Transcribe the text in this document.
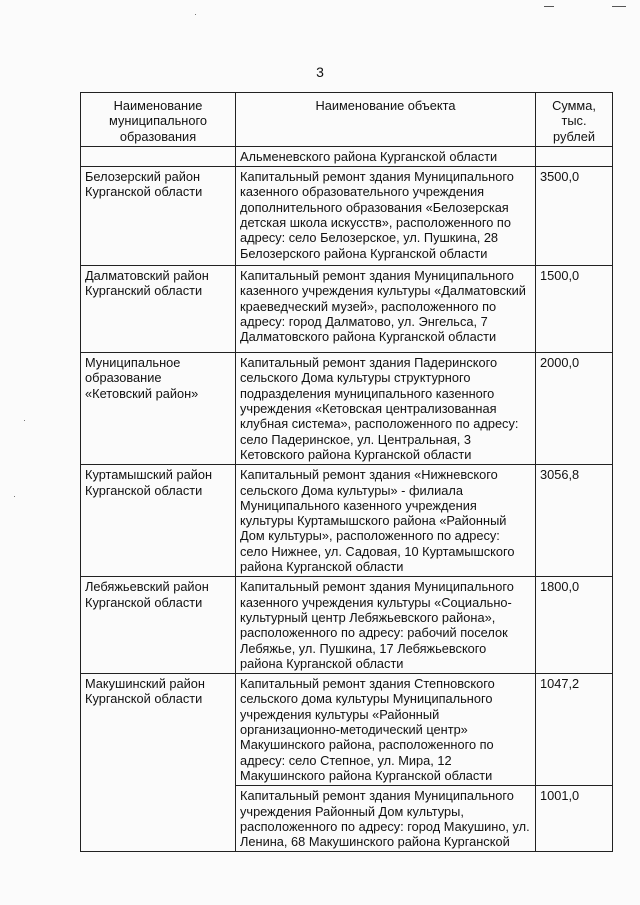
3
Наименование муниципального образования	Наименование объекта	Сумма, тыс. рублей
	Альменевского района Курганской области	
Белозерский район Курганской области	Капитальный ремонт здания Муниципального казенного образовательного учреждения дополнительного образования «Белозерская детская школа искусств», расположенного по адресу: село Белозерское, ул. Пушкина, 28 Белозерского района Курганской области	3500,0
Далматовский район Курганский области	Капитальный ремонт здания Муниципального казенного учреждения культуры «Далматовский краеведческий музей», расположенного по адресу: город Далматово, ул. Энгельса, 7 Далматовского района Курганской области	1500,0
Муниципальное образование «Кетовский район»	Капитальный ремонт здания Падеринского сельского Дома культуры структурного подразделения муниципального казенного учреждения «Кетовская централизованная клубная система», расположенного по адресу: село Падеринское, ул. Центральная, 3 Кетовского района Курганской области	2000,0
Куртамышский район Курганской области	Капитальный ремонт здания «Нижневского сельского Дома культуры» - филиала Муниципального казенного учреждения культуры Куртамышского района «Районный Дом культуры», расположенного по адресу: село Нижнее, ул. Садовая, 10 Куртамышского района Курганской области	3056,8
Лебяжьевский район Курганской области	Капитальный ремонт здания Муниципального казенного учреждения культуры «Социально-культурный центр Лебяжьевского района», расположенного по адресу: рабочий поселок Лебяжье, ул. Пушкина, 17 Лебяжьевского района Курганской области	1800,0
Макушинский район Курганской области	Капитальный ремонт здания Степновского сельского дома культуры Муниципального учреждения культуры «Районный организационно-методический центр» Макушинского района, расположенного по адресу: село Степное, ул. Мира, 12 Макушинского района Курганской области	1047,2
	Капитальный ремонт здания Муниципального учреждения Районный Дом культуры, расположенного по адресу: город Макушино, ул. Ленина, 68 Макушинского района Курганской	1001,0
